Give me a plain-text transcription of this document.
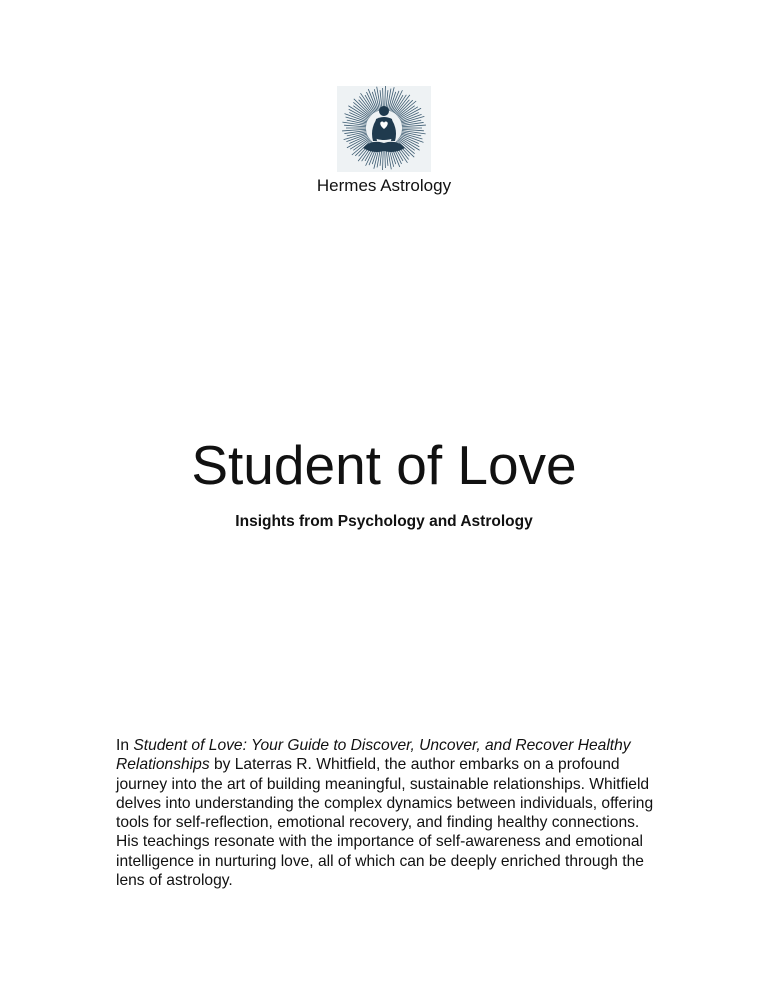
Hermes Astrology
Student of Love
Insights from Psychology and Astrology

In Student of Love: Your Guide to Discover, Uncover, and Recover Healthy Relationships by Laterras R. Whitfield, the author embarks on a profound journey into the art of building meaningful, sustainable relationships. Whitfield delves into understanding the complex dynamics between individuals, offering tools for self-reflection, emotional recovery, and finding healthy connections. His teachings resonate with the importance of self-awareness and emotional intelligence in nurturing love, all of which can be deeply enriched through the lens of astrology.
